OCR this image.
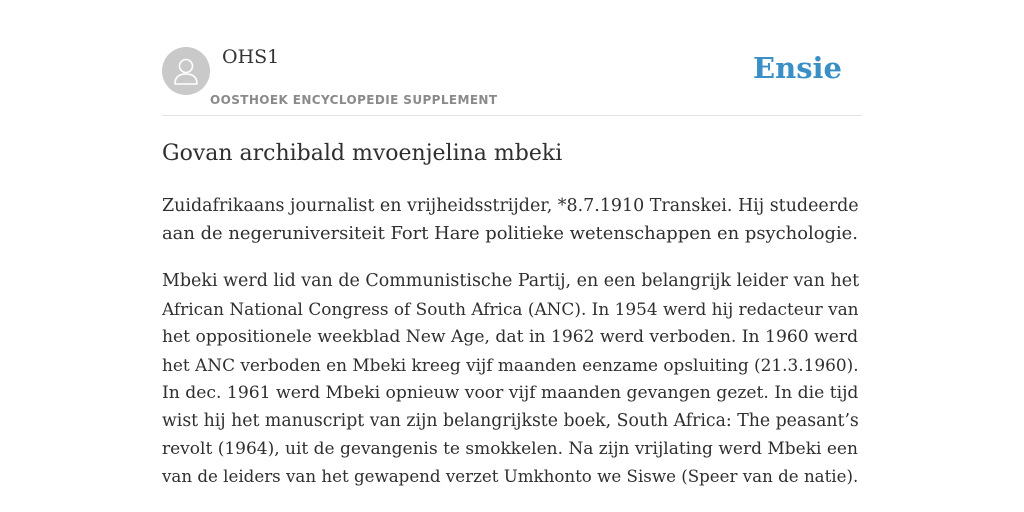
OHS1
OOSTHOEK ENCYCLOPEDIE SUPPLEMENT
Ensie
Govan archibald mvoenjelina mbeki

Zuidafrikaans journalist en vrijheidsstrijder, *8.7.1910 Transkei. Hij studeerde
aan de negeruniversiteit Fort Hare politieke wetenschappen en psychologie.

Mbeki werd lid van de Communistische Partij, en een belangrijk leider van het
African National Congress of South Africa (ANC). In 1954 werd hij redacteur van
het oppositionele weekblad New Age, dat in 1962 werd verboden. In 1960 werd
het ANC verboden en Mbeki kreeg vijf maanden eenzame opsluiting (21.3.1960).
In dec. 1961 werd Mbeki opnieuw voor vijf maanden gevangen gezet. In die tijd
wist hij het manuscript van zijn belangrijkste boek, South Africa: The peasant’s
revolt (1964), uit de gevangenis te smokkelen. Na zijn vrijlating werd Mbeki een
van de leiders van het gewapend verzet Umkhonto we Siswe (Speer van de natie).
